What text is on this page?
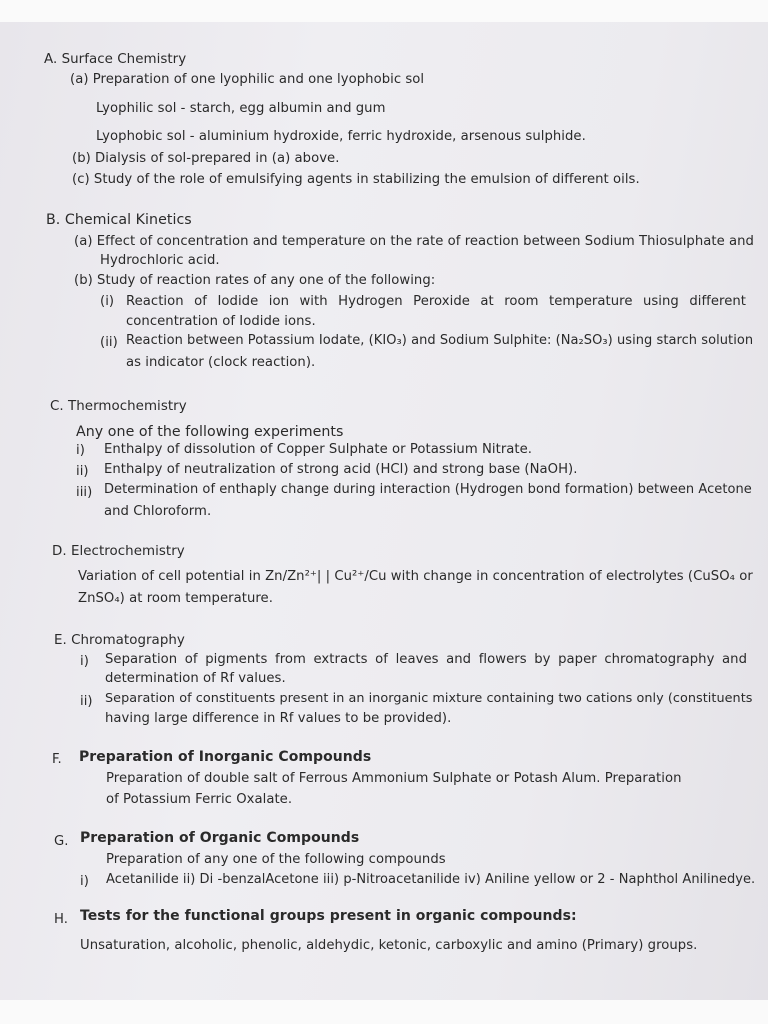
A. Surface Chemistry
(a) Preparation of one lyophilic and one lyophobic sol
Lyophilic sol - starch, egg albumin and gum
Lyophobic sol - aluminium hydroxide, ferric hydroxide, arsenous sulphide.
(b) Dialysis of sol-prepared in (a) above.
(c) Study of the role of emulsifying agents in stabilizing the emulsion of different oils.
B. Chemical Kinetics
(a) Effect of concentration and temperature on the rate of reaction between Sodium Thiosulphate and
Hydrochloric acid.
(b) Study of reaction rates of any one of the following:
(i) Reaction of Iodide ion with Hydrogen Peroxide at room temperature using different
concentration of Iodide ions.
(ii) Reaction between Potassium Iodate, (KIO₃) and Sodium Sulphite: (Na₂SO₃) using starch solution
as indicator (clock reaction).
C. Thermochemistry
Any one of the following experiments
i) Enthalpy of dissolution of Copper Sulphate or Potassium Nitrate.
ii) Enthalpy of neutralization of strong acid (HCl) and strong base (NaOH).
iii) Determination of enthaply change during interaction (Hydrogen bond formation) between Acetone
and Chloroform.
D. Electrochemistry
Variation of cell potential in Zn/Zn²⁺| | Cu²⁺/Cu with change in concentration of electrolytes (CuSO₄ or
ZnSO₄) at room temperature.
E. Chromatography
i) Separation of pigments from extracts of leaves and flowers by paper chromatography and
determination of Rf values.
ii) Separation of constituents present in an inorganic mixture containing two cations only (constituents
having large difference in Rf values to be provided).
F. Preparation of Inorganic Compounds
Preparation of double salt of Ferrous Ammonium Sulphate or Potash Alum. Preparation
of Potassium Ferric Oxalate.
G. Preparation of Organic Compounds
Preparation of any one of the following compounds
i) Acetanilide ii) Di -benzalAcetone iii) p-Nitroacetanilide iv) Aniline yellow or 2 - Naphthol Anilinedye.
H. Tests for the functional groups present in organic compounds:
Unsaturation, alcoholic, phenolic, aldehydic, ketonic, carboxylic and amino (Primary) groups.
